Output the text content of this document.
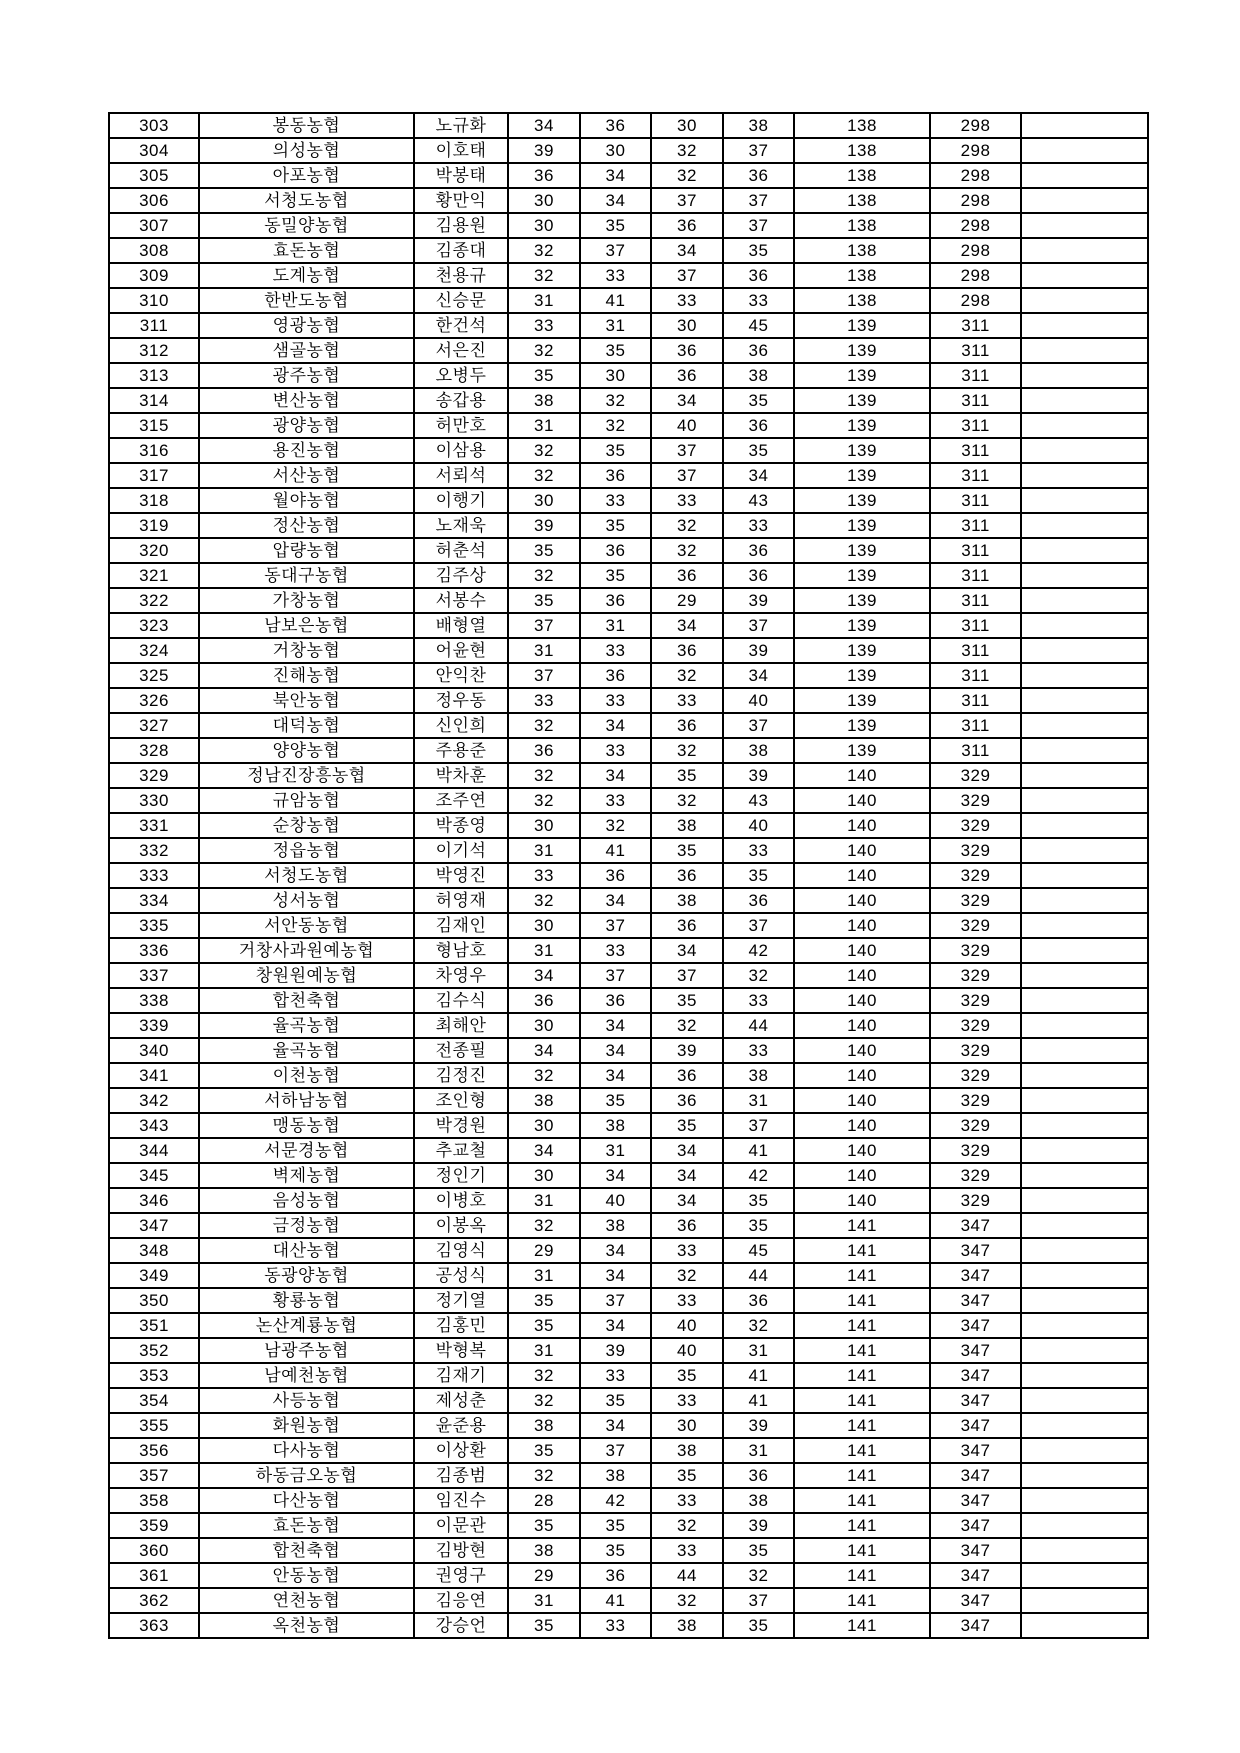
303	봉동농협	노규화	34	36	30	38	138	298	
304	의성농협	이호태	39	30	32	37	138	298	
305	아포농협	박봉태	36	34	32	36	138	298	
306	서청도농협	황만익	30	34	37	37	138	298	
307	동밀양농협	김용원	30	35	36	37	138	298	
308	효돈농협	김종대	32	37	34	35	138	298	
309	도계농협	천용규	32	33	37	36	138	298	
310	한반도농협	신승문	31	41	33	33	138	298	
311	영광농협	한건석	33	31	30	45	139	311	
312	샘골농협	서은진	32	35	36	36	139	311	
313	광주농협	오병두	35	30	36	38	139	311	
314	변산농협	송갑용	38	32	34	35	139	311	
315	광양농협	허만호	31	32	40	36	139	311	
316	용진농협	이삼용	32	35	37	35	139	311	
317	서산농협	서뢰석	32	36	37	34	139	311	
318	월야농협	이행기	30	33	33	43	139	311	
319	정산농협	노재욱	39	35	32	33	139	311	
320	압량농협	허춘석	35	36	32	36	139	311	
321	동대구농협	김주상	32	35	36	36	139	311	
322	가창농협	서봉수	35	36	29	39	139	311	
323	남보은농협	배형열	37	31	34	37	139	311	
324	거창농협	어윤현	31	33	36	39	139	311	
325	진해농협	안익찬	37	36	32	34	139	311	
326	북안농협	정우동	33	33	33	40	139	311	
327	대덕농협	신인희	32	34	36	37	139	311	
328	양양농협	주용준	36	33	32	38	139	311	
329	정남진장흥농협	박차훈	32	34	35	39	140	329	
330	규암농협	조주연	32	33	32	43	140	329	
331	순창농협	박종영	30	32	38	40	140	329	
332	정읍농협	이기석	31	41	35	33	140	329	
333	서청도농협	박영진	33	36	36	35	140	329	
334	성서농협	허영재	32	34	38	36	140	329	
335	서안동농협	김재인	30	37	36	37	140	329	
336	거창사과원예농협	형남호	31	33	34	42	140	329	
337	창원원예농협	차영우	34	37	37	32	140	329	
338	합천축협	김수식	36	36	35	33	140	329	
339	율곡농협	최해안	30	34	32	44	140	329	
340	율곡농협	전종필	34	34	39	33	140	329	
341	이천농협	김정진	32	34	36	38	140	329	
342	서하남농협	조인형	38	35	36	31	140	329	
343	맹동농협	박경원	30	38	35	37	140	329	
344	서문경농협	추교철	34	31	34	41	140	329	
345	벽제농협	정인기	30	34	34	42	140	329	
346	음성농협	이병호	31	40	34	35	140	329	
347	금정농협	이봉옥	32	38	36	35	141	347	
348	대산농협	김영식	29	34	33	45	141	347	
349	동광양농협	공성식	31	34	32	44	141	347	
350	황룡농협	정기열	35	37	33	36	141	347	
351	논산계룡농협	김홍민	35	34	40	32	141	347	
352	남광주농협	박형복	31	39	40	31	141	347	
353	남예천농협	김재기	32	33	35	41	141	347	
354	사등농협	제성춘	32	35	33	41	141	347	
355	화원농협	윤준용	38	34	30	39	141	347	
356	다사농협	이상환	35	37	38	31	141	347	
357	하동금오농협	김종범	32	38	35	36	141	347	
358	다산농협	임진수	28	42	33	38	141	347	
359	효돈농협	이문관	35	35	32	39	141	347	
360	합천축협	김방현	38	35	33	35	141	347	
361	안동농협	권영구	29	36	44	32	141	347	
362	연천농협	김응연	31	41	32	37	141	347	
363	옥천농협	강승언	35	33	38	35	141	347	
